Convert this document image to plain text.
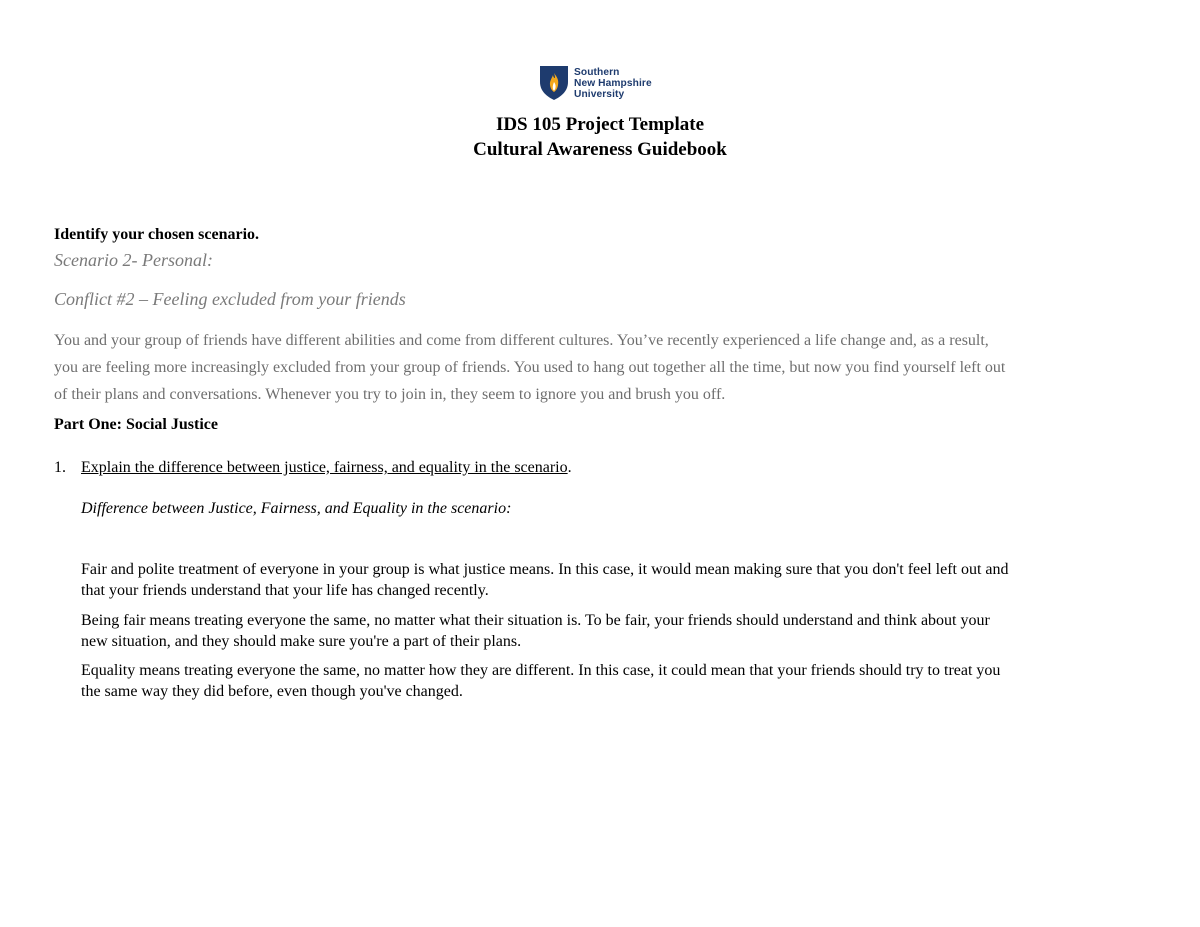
Southern
New Hampshire
University
IDS 105 Project Template
Cultural Awareness Guidebook
Identify your chosen scenario.
Scenario 2- Personal:
Conflict #2 – Feeling excluded from your friends
You and your group of friends have different abilities and come from different cultures. You’ve recently experienced a life change and, as a result,
you are feeling more increasingly excluded from your group of friends. You used to hang out together all the time, but now you find yourself left out
of their plans and conversations. Whenever you try to join in, they seem to ignore you and brush you off.
Part One: Social Justice
1. Explain the difference between justice, fairness, and equality in the scenario.
Difference between Justice, Fairness, and Equality in the scenario:
Fair and polite treatment of everyone in your group is what justice means. In this case, it would mean making sure that you don't feel left out and
that your friends understand that your life has changed recently.
Being fair means treating everyone the same, no matter what their situation is. To be fair, your friends should understand and think about your
new situation, and they should make sure you're a part of their plans.
Equality means treating everyone the same, no matter how they are different. In this case, it could mean that your friends should try to treat you
the same way they did before, even though you've changed.
